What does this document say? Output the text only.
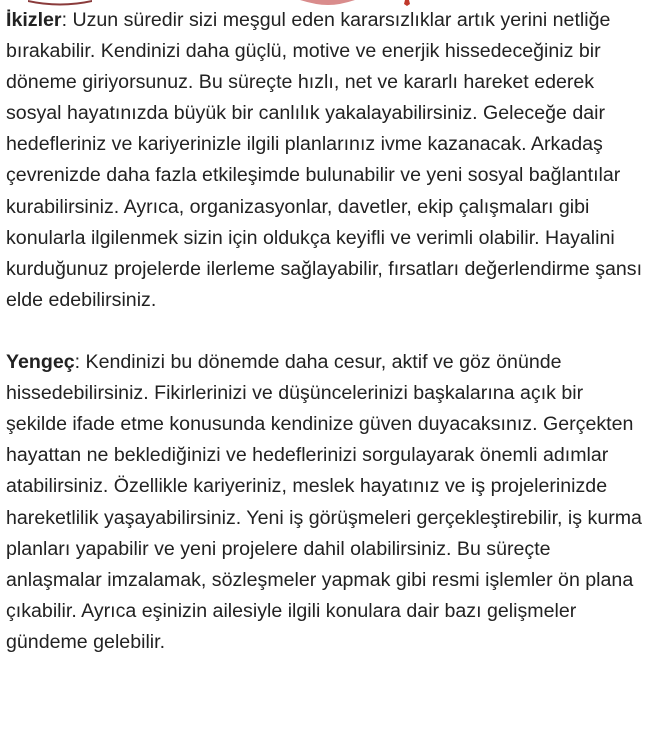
İkizler: Uzun süredir sizi meşgul eden kararsızlıklar artık yerini netliğe bırakabilir. Kendinizi daha güçlü, motive ve enerjik hissedeceğiniz bir döneme giriyorsunuz. Bu süreçte hızlı, net ve kararlı hareket ederek sosyal hayatınızda büyük bir canlılık yakalayabilirsiniz. Geleceğe dair hedefleriniz ve kariyerinizle ilgili planlarınız ivme kazanacak. Arkadaş çevrenizde daha fazla etkileşimde bulunabilir ve yeni sosyal bağlantılar kurabilirsiniz. Ayrıca, organizasyonlar, davetler, ekip çalışmaları gibi konularla ilgilenmek sizin için oldukça keyifli ve verimli olabilir. Hayalini kurduğunuz projelerde ilerleme sağlayabilir, fırsatları değerlendirme şansı elde edebilirsiniz.

Yengeç: Kendinizi bu dönemde daha cesur, aktif ve göz önünde hissedebilirsiniz. Fikirlerinizi ve düşüncelerinizi başkalarına açık bir şekilde ifade etme konusunda kendinize güven duyacaksınız. Gerçekten hayattan ne beklediğinizi ve hedeflerinizi sorgulayarak önemli adımlar atabilirsiniz. Özellikle kariyeriniz, meslek hayatınız ve iş projelerinizde hareketlilik yaşayabilirsiniz. Yeni iş görüşmeleri gerçekleştirebilir, iş kurma planları yapabilir ve yeni projelere dahil olabilirsiniz. Bu süreçte anlaşmalar imzalamak, sözleşmeler yapmak gibi resmi işlemler ön plana çıkabilir. Ayrıca eşinizin ailesiyle ilgili konulara dair bazı gelişmeler gündeme gelebilir.
